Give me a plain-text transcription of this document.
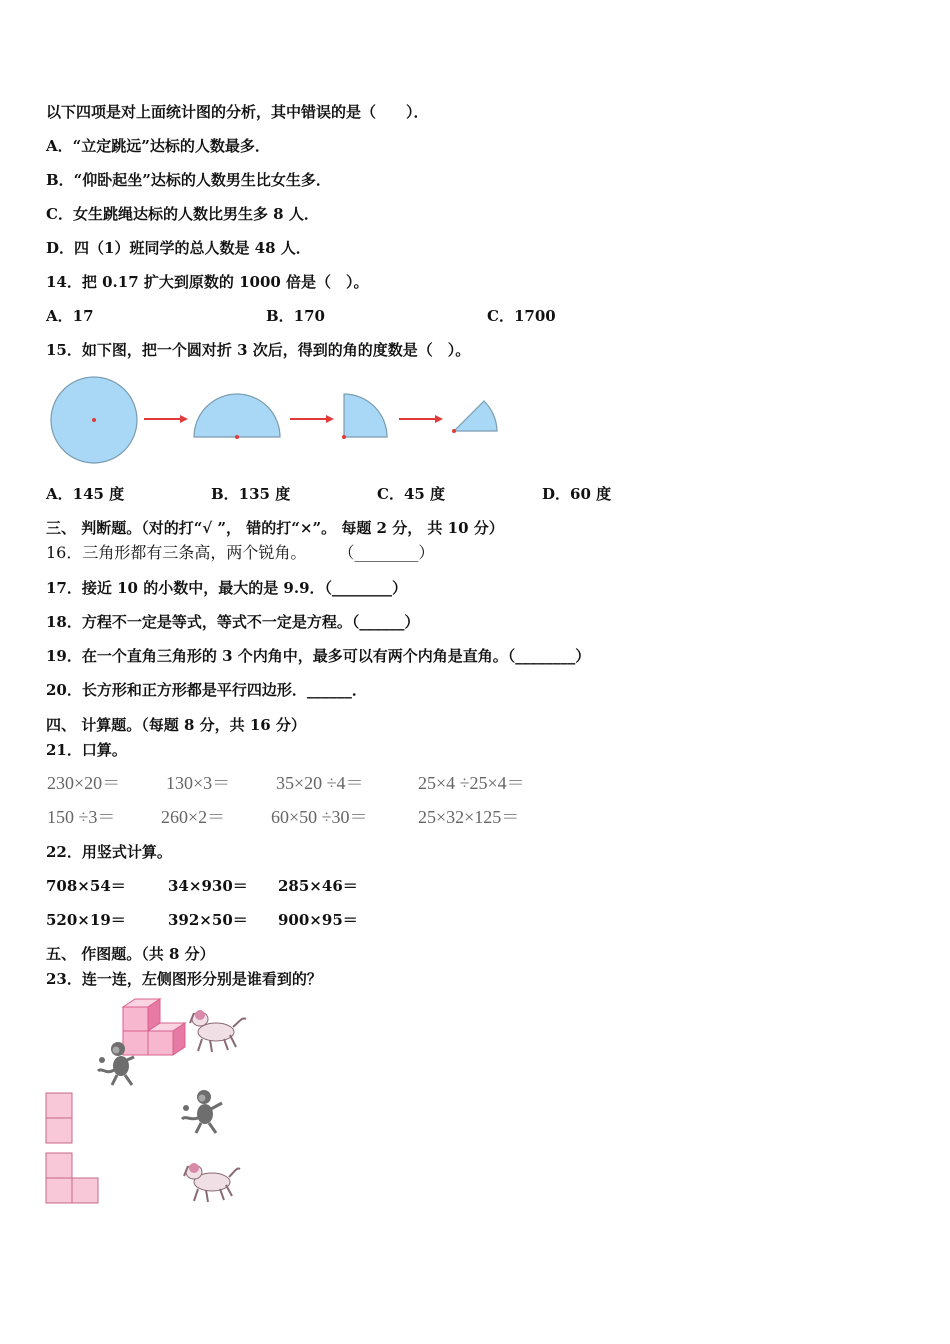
以下四项是对上面统计图的分析，其中错误的是（　　）．
A．“立定跳远”达标的人数最多．
B．“仰卧起坐”达标的人数男生比女生多．
C．女生跳绳达标的人数比男生多 8 人．
D．四（1）班同学的总人数是 48 人．
14．把 0.17 扩大到原数的 1000 倍是（　）。
A．17	B．170	C．1700
15．如下图，把一个圆对折 3 次后，得到的角的度数是（　）。
A．145 度	B．135 度	C．45 度	D．60 度
三、 判断题。（对的打“√ ”， 错的打“×”。 每题 2 分， 共 10 分）
16．三角形都有三条高，两个锐角。　　　（________）
17．接近 10 的小数中，最大的是 9.9．（________）
18．方程不一定是等式，等式不一定是方程。（______）
19．在一个直角三角形的 3 个内角中，最多可以有两个内角是直角。（________）
20．长方形和正方形都是平行四边形．______．
四、 计算题。（每题 8 分，共 16 分）
21．口算。
230×20＝	130×3＝	35×20 ÷4＝	25×4 ÷25×4＝
150 ÷3＝	260×2＝	60×50 ÷30＝	25×32×125＝
22．用竖式计算。
708×54＝	34×930＝ 285×46＝
520×19＝	392×50＝ 900×95＝
五、 作图题。（共 8 分）
23．连一连，左侧图形分别是谁看到的？
